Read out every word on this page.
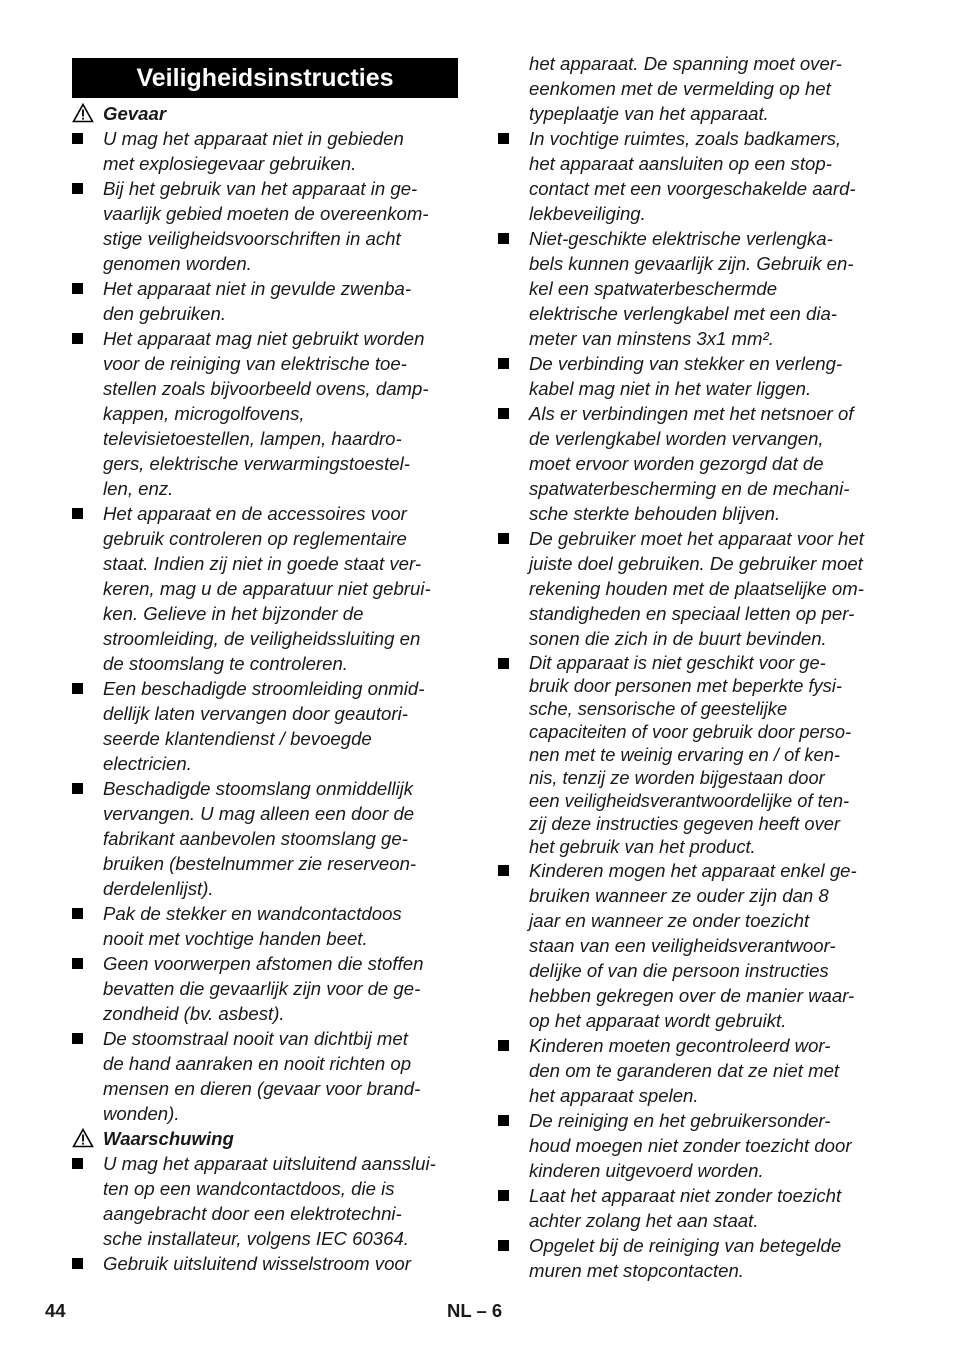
Veiligheidsinstructies
Gevaar
U mag het apparaat niet in gebieden
met explosiegevaar gebruiken.
Bij het gebruik van het apparaat in ge-
vaarlijk gebied moeten de overeenkom-
stige veiligheidsvoorschriften in acht
genomen worden.
Het apparaat niet in gevulde zwenba-
den gebruiken.
Het apparaat mag niet gebruikt worden
voor de reiniging van elektrische toe-
stellen zoals bijvoorbeeld ovens, damp-
kappen, microgolfovens,
televisietoestellen, lampen, haardro-
gers, elektrische verwarmingstoestel-
len, enz.
Het apparaat en de accessoires voor
gebruik controleren op reglementaire
staat. Indien zij niet in goede staat ver-
keren, mag u de apparatuur niet gebrui-
ken. Gelieve in het bijzonder de
stroomleiding, de veiligheidssluiting en
de stoomslang te controleren.
Een beschadigde stroomleiding onmid-
dellijk laten vervangen door geautori-
seerde klantendienst / bevoegde
electricien.
Beschadigde stoomslang onmiddellijk
vervangen. U mag alleen een door de
fabrikant aanbevolen stoomslang ge-
bruiken (bestelnummer zie reserveon-
derdelenlijst).
Pak de stekker en wandcontactdoos
nooit met vochtige handen beet.
Geen voorwerpen afstomen die stoffen
bevatten die gevaarlijk zijn voor de ge-
zondheid (bv. asbest).
De stoomstraal nooit van dichtbij met
de hand aanraken en nooit richten op
mensen en dieren (gevaar voor brand-
wonden).
Waarschuwing
U mag het apparaat uitsluitend aansslui-
ten op een wandcontactdoos, die is
aangebracht door een elektrotechni-
sche installateur, volgens IEC 60364.
Gebruik uitsluitend wisselstroom voor
het apparaat. De spanning moet over-
eenkomen met de vermelding op het
typeplaatje van het apparaat.
In vochtige ruimtes, zoals badkamers,
het apparaat aansluiten op een stop-
contact met een voorgeschakelde aard-
lekbeveiliging.
Niet-geschikte elektrische verlengka-
bels kunnen gevaarlijk zijn. Gebruik en-
kel een spatwaterbeschermde
elektrische verlengkabel met een dia-
meter van minstens 3x1 mm².
De verbinding van stekker en verleng-
kabel mag niet in het water liggen.
Als er verbindingen met het netsnoer of
de verlengkabel worden vervangen,
moet ervoor worden gezorgd dat de
spatwaterbescherming en de mechani-
sche sterkte behouden blijven.
De gebruiker moet het apparaat voor het
juiste doel gebruiken. De gebruiker moet
rekening houden met de plaatselijke om-
standigheden en speciaal letten op per-
sonen die zich in de buurt bevinden.
Dit apparaat is niet geschikt voor ge-
bruik door personen met beperkte fysi-
sche, sensorische of geestelijke
capaciteiten of voor gebruik door perso-
nen met te weinig ervaring en / of ken-
nis, tenzij ze worden bijgestaan door
een veiligheidsverantwoordelijke of ten-
zij deze instructies gegeven heeft over
het gebruik van het product.
Kinderen mogen het apparaat enkel ge-
bruiken wanneer ze ouder zijn dan 8
jaar en wanneer ze onder toezicht
staan van een veiligheidsverantwoor-
delijke of van die persoon instructies
hebben gekregen over de manier waar-
op het apparaat wordt gebruikt.
Kinderen moeten gecontroleerd wor-
den om te garanderen dat ze niet met
het apparaat spelen.
De reiniging en het gebruikersonder-
houd moegen niet zonder toezicht door
kinderen uitgevoerd worden.
Laat het apparaat niet zonder toezicht
achter zolang het aan staat.
Opgelet bij de reiniging van betegelde
muren met stopcontacten.
44	NL – 6
